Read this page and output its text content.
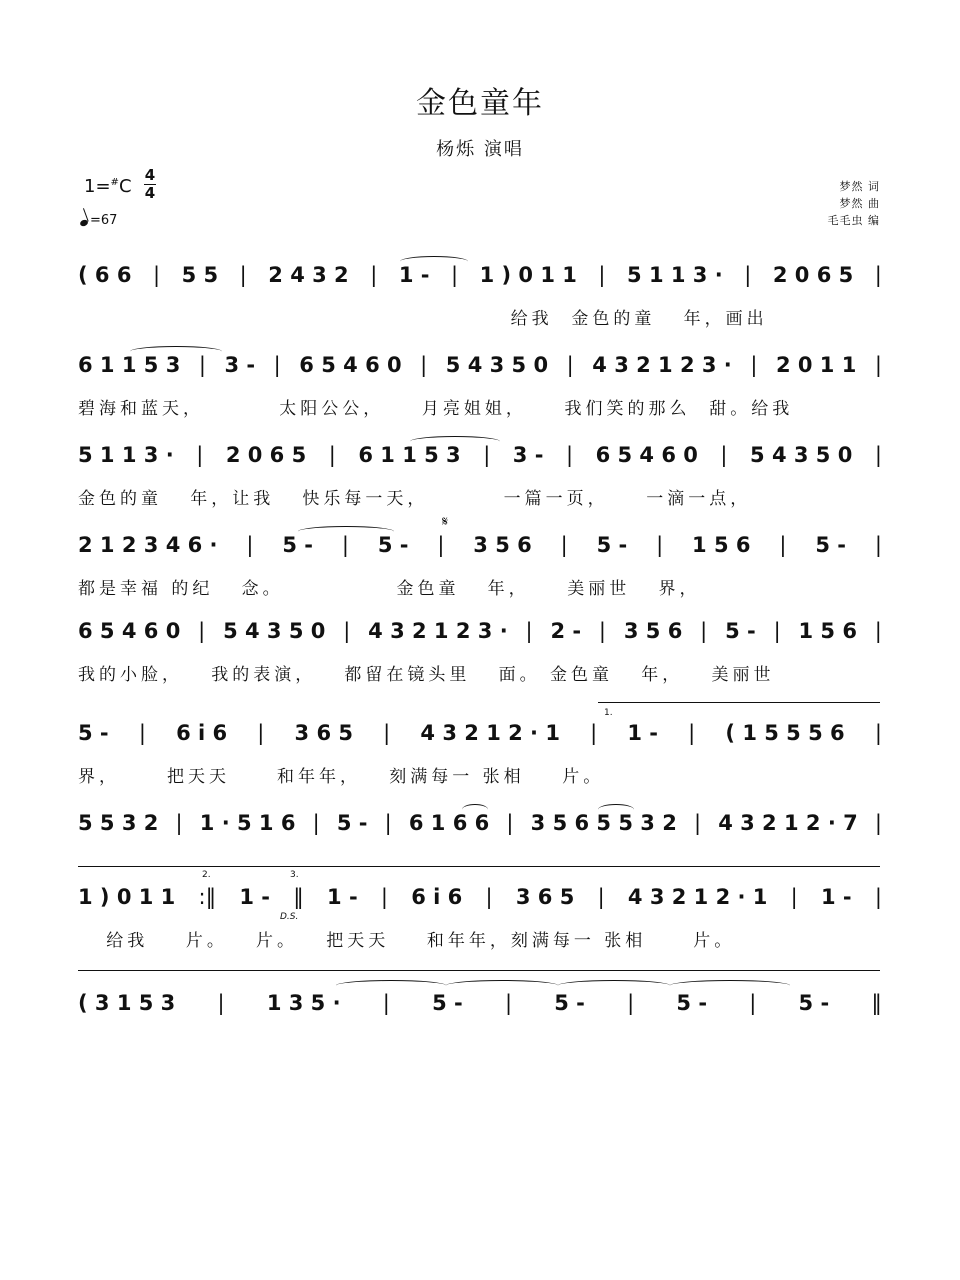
金色童年
杨烁 演唱
1=#C
4
4
=67
梦然 词
梦然 曲
毛毛虫 编
( 6 6 | 5 5 | 2 4 3 2 | 1 - | 1 ) 0 1 1 | 5 1 1 3 · | 2 0 6 5 |
给我  金色的童   年，画出
6 1 1 5 3 | 3 - | 6 5 4 6 0 | 5 4 3 5 0 | 4 3 2 1 2 3 · | 2 0 1 1 |
碧海和蓝天，        太阳公公，    月亮姐姐，    我们笑的那么  甜。给我
5 1 1 3 · | 2 0 6 5 | 6 1 1 5 3 | 3 - | 6 5 4 6 0 | 5 4 3 5 0 |
金色的童   年，让我   快乐每一天，        一篇一页，    一滴一点，
2 1 2 3 4 6 · | 5 - | 5 - | 3 5 6 | 5 - | 1 5 6 | 5 - |
都是幸福 的纪   念。            金色童   年，    美丽世   界，
6 5 4 6 0 | 5 4 3 5 0 | 4 3 2 1 2 3 · | 2 - | 3 5 6 | 5 - | 1 5 6 |
我的小脸，   我的表演，   都留在镜头里   面。 金色童   年，   美丽世
5 - | 6 i 6 | 3 6 5 | 4 3 2 1 2 · 1 | 1 - | ( 1 5 5 5 6 |
界，     把天天     和年年，   刻满每一 张相    片。
5 5 3 2 | 1 · 5 1 6 | 5 - | 6 1 6 6 | 3 5 6 5 5 3 2 | 4 3 2 1 2 · 7 |
1 ) 0 1 1 :‖ 1 - ‖ 1 - | 6 i 6 | 3 6 5 | 4 3 2 1 2 · 1 | 1 - |
给我    片。   片。   把天天    和年年，刻满每一 张相     片。
( 3 1 5 3 | 1 3 5 · | 5 - | 5 - | 5 - | 5 - ‖
1.
2.	3.
D.S.
𝄋
